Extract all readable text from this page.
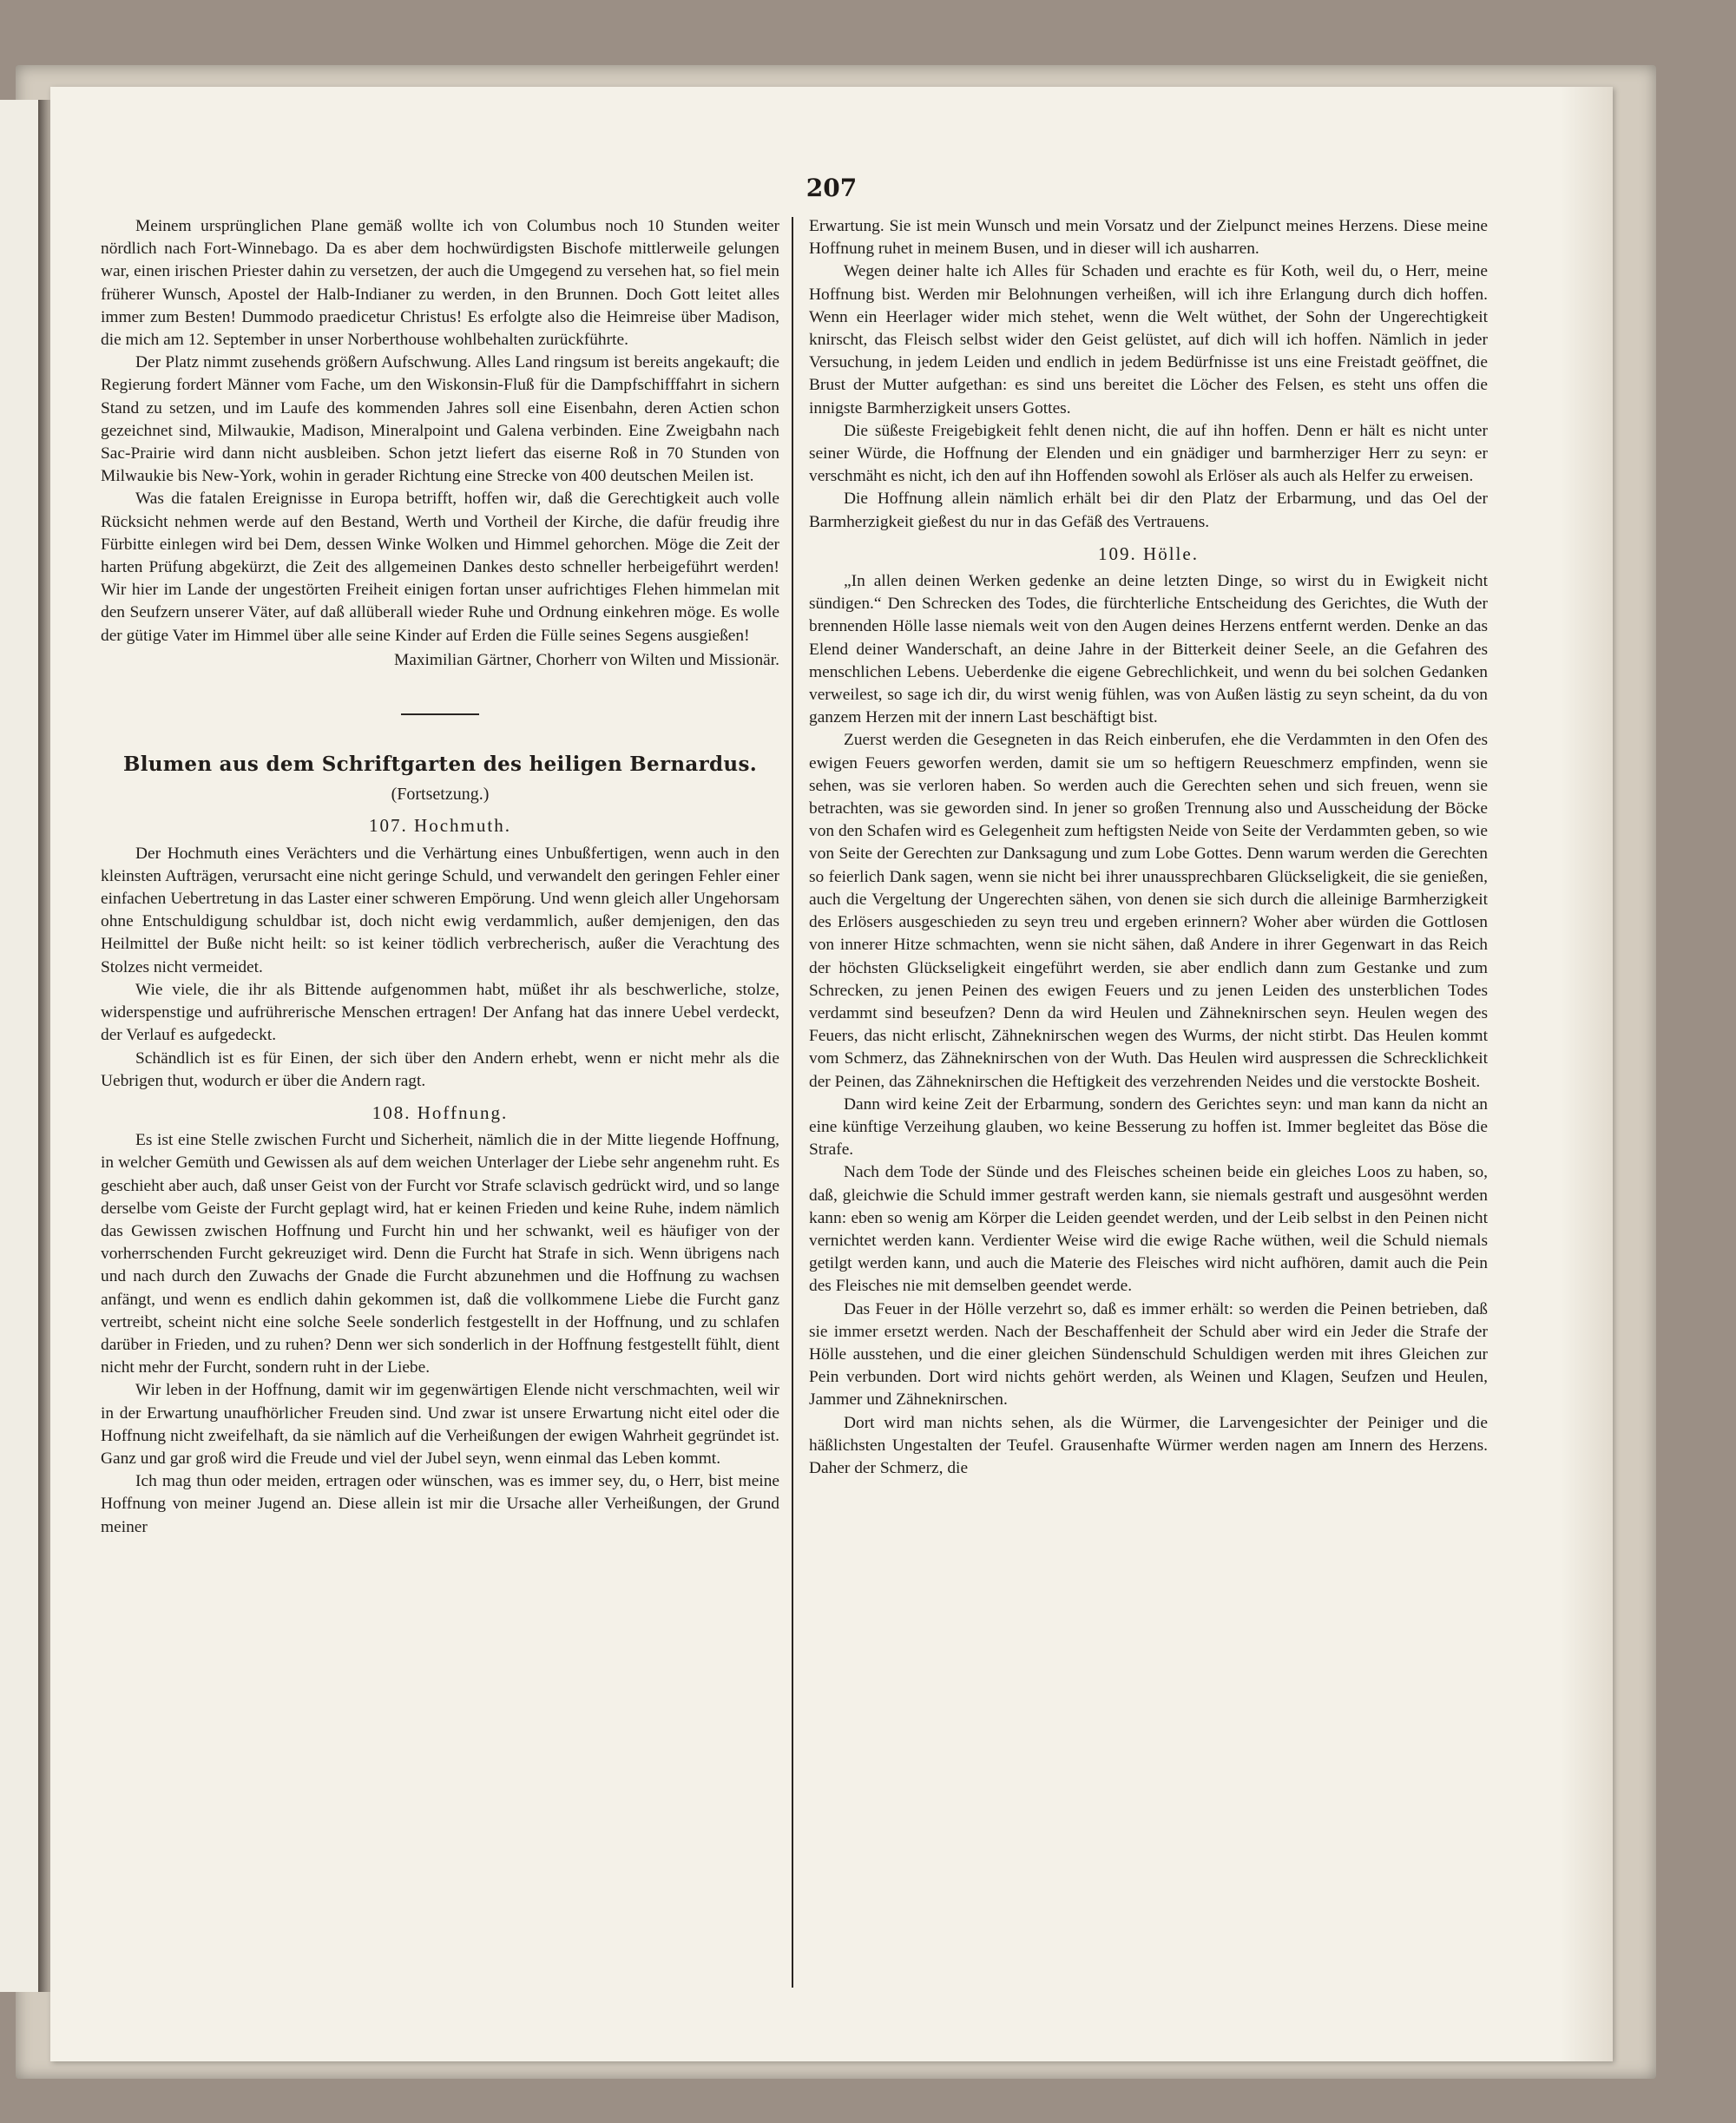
207

Meinem ursprünglichen Plane gemäß wollte ich von Columbus noch 10 Stunden weiter nördlich nach Fort-Winnebago. Da es aber dem hochwürdigsten Bischofe mittlerweile gelungen war, einen irischen Priester dahin zu versetzen, der auch die Umgegend zu versehen hat, so fiel mein früherer Wunsch, Apostel der Halb-Indianer zu werden, in den Brunnen. Doch Gott leitet alles immer zum Besten! Dummodo praedicetur Christus! Es erfolgte also die Heimreise über Madison, die mich am 12. September in unser Norberthouse wohlbehalten zurückführte.

Der Platz nimmt zusehends größern Aufschwung. Alles Land ringsum ist bereits angekauft; die Regierung fordert Männer vom Fache, um den Wiskonsin-Fluß für die Dampfschifffahrt in sichern Stand zu setzen, und im Laufe des kommenden Jahres soll eine Eisenbahn, deren Actien schon gezeichnet sind, Milwaukie, Madison, Mineralpoint und Galena verbinden. Eine Zweigbahn nach Sac-Prairie wird dann nicht ausbleiben. Schon jetzt liefert das eiserne Roß in 70 Stunden von Milwaukie bis New-York, wohin in gerader Richtung eine Strecke von 400 deutschen Meilen ist.

Was die fatalen Ereignisse in Europa betrifft, hoffen wir, daß die Gerechtigkeit auch volle Rücksicht nehmen werde auf den Bestand, Werth und Vortheil der Kirche, die dafür freudig ihre Fürbitte einlegen wird bei Dem, dessen Winke Wolken und Himmel gehorchen. Möge die Zeit der harten Prüfung abgekürzt, die Zeit des allgemeinen Dankes desto schneller herbeigeführt werden! Wir hier im Lande der ungestörten Freiheit einigen fortan unser aufrichtiges Flehen himmelan mit den Seufzern unserer Väter, auf daß allüberall wieder Ruhe und Ordnung einkehren möge. Es wolle der gütige Vater im Himmel über alle seine Kinder auf Erden die Fülle seines Segens ausgießen!

Maximilian Gärtner, Chorherr von Wilten und Missionär.
Blumen aus dem Schriftgarten des heiligen Bernardus.
(Fortsetzung.)
107. Hochmuth.

Der Hochmuth eines Verächters und die Verhärtung eines Unbußfertigen, wenn auch in den kleinsten Aufträgen, verursacht eine nicht geringe Schuld, und verwandelt den geringen Fehler einer einfachen Uebertretung in das Laster einer schweren Empörung. Und wenn gleich aller Ungehorsam ohne Entschuldigung schuldbar ist, doch nicht ewig verdammlich, außer demjenigen, den das Heilmittel der Buße nicht heilt: so ist keiner tödlich verbrecherisch, außer die Verachtung des Stolzes nicht vermeidet.

Wie viele, die ihr als Bittende aufgenommen habt, müßet ihr als beschwerliche, stolze, widerspenstige und aufrührerische Menschen ertragen! Der Anfang hat das innere Uebel verdeckt, der Verlauf es aufgedeckt.

Schändlich ist es für Einen, der sich über den Andern erhebt, wenn er nicht mehr als die Uebrigen thut, wodurch er über die Andern ragt.

108. Hoffnung.

Es ist eine Stelle zwischen Furcht und Sicherheit, nämlich die in der Mitte liegende Hoffnung, in welcher Gemüth und Gewissen als auf dem weichen Unterlager der Liebe sehr angenehm ruht. Es geschieht aber auch, daß unser Geist von der Furcht vor Strafe sclavisch gedrückt wird, und so lange derselbe vom Geiste der Furcht geplagt wird, hat er keinen Frieden und keine Ruhe, indem nämlich das Gewissen zwischen Hoffnung und Furcht hin und her schwankt, weil es häufiger von der vorherrschenden Furcht gekreuziget wird. Denn die Furcht hat Strafe in sich. Wenn übrigens nach und nach durch den Zuwachs der Gnade die Furcht abzunehmen und die Hoffnung zu wachsen anfängt, und wenn es endlich dahin gekommen ist, daß die vollkommene Liebe die Furcht ganz vertreibt, scheint nicht eine solche Seele sonderlich festgestellt in der Hoffnung, und zu schlafen darüber in Frieden, und zu ruhen? Denn wer sich sonderlich in der Hoffnung festgestellt fühlt, dient nicht mehr der Furcht, sondern ruht in der Liebe.

Wir leben in der Hoffnung, damit wir im gegenwärtigen Elende nicht verschmachten, weil wir in der Erwartung unaufhörlicher Freuden sind. Und zwar ist unsere Erwartung nicht eitel oder die Hoffnung nicht zweifelhaft, da sie nämlich auf die Verheißungen der ewigen Wahrheit gegründet ist. Ganz und gar groß wird die Freude und viel der Jubel seyn, wenn einmal das Leben kommt.

Ich mag thun oder meiden, ertragen oder wünschen, was es immer sey, du, o Herr, bist meine Hoffnung von meiner Jugend an. Diese allein ist mir die Ursache aller Verheißungen, der Grund meiner

Erwartung. Sie ist mein Wunsch und mein Vorsatz und der Zielpunct meines Herzens. Diese meine Hoffnung ruhet in meinem Busen, und in dieser will ich ausharren.

Wegen deiner halte ich Alles für Schaden und erachte es für Koth, weil du, o Herr, meine Hoffnung bist. Werden mir Belohnungen verheißen, will ich ihre Erlangung durch dich hoffen. Wenn ein Heerlager wider mich stehet, wenn die Welt wüthet, der Sohn der Ungerechtigkeit knirscht, das Fleisch selbst wider den Geist gelüstet, auf dich will ich hoffen. Nämlich in jeder Versuchung, in jedem Leiden und endlich in jedem Bedürfnisse ist uns eine Freistadt geöffnet, die Brust der Mutter aufgethan: es sind uns bereitet die Löcher des Felsen, es steht uns offen die innigste Barmherzigkeit unsers Gottes.

Die süßeste Freigebigkeit fehlt denen nicht, die auf ihn hoffen. Denn er hält es nicht unter seiner Würde, die Hoffnung der Elenden und ein gnädiger und barmherziger Herr zu seyn: er verschmäht es nicht, ich den auf ihn Hoffenden sowohl als Erlöser als auch als Helfer zu erweisen.

Die Hoffnung allein nämlich erhält bei dir den Platz der Erbarmung, und das Oel der Barmherzigkeit gießest du nur in das Gefäß des Vertrauens.

109. Hölle.

„In allen deinen Werken gedenke an deine letzten Dinge, so wirst du in Ewigkeit nicht sündigen.“ Den Schrecken des Todes, die fürchterliche Entscheidung des Gerichtes, die Wuth der brennenden Hölle lasse niemals weit von den Augen deines Herzens entfernt werden. Denke an das Elend deiner Wanderschaft, an deine Jahre in der Bitterkeit deiner Seele, an die Gefahren des menschlichen Lebens. Ueberdenke die eigene Gebrechlichkeit, und wenn du bei solchen Gedanken verweilest, so sage ich dir, du wirst wenig fühlen, was von Außen lästig zu seyn scheint, da du von ganzem Herzen mit der innern Last beschäftigt bist.

Zuerst werden die Gesegneten in das Reich einberufen, ehe die Verdammten in den Ofen des ewigen Feuers geworfen werden, damit sie um so heftigern Reueschmerz empfinden, wenn sie sehen, was sie verloren haben. So werden auch die Gerechten sehen und sich freuen, wenn sie betrachten, was sie geworden sind. In jener so großen Trennung also und Ausscheidung der Böcke von den Schafen wird es Gelegenheit zum heftigsten Neide von Seite der Verdammten geben, so wie von Seite der Gerechten zur Danksagung und zum Lobe Gottes. Denn warum werden die Gerechten so feierlich Dank sagen, wenn sie nicht bei ihrer unaussprechbaren Glückseligkeit, die sie genießen, auch die Vergeltung der Ungerechten sähen, von denen sie sich durch die alleinige Barmherzigkeit des Erlösers ausgeschieden zu seyn treu und ergeben erinnern? Woher aber würden die Gottlosen von innerer Hitze schmachten, wenn sie nicht sähen, daß Andere in ihrer Gegenwart in das Reich der höchsten Glückseligkeit eingeführt werden, sie aber endlich dann zum Gestanke und zum Schrecken, zu jenen Peinen des ewigen Feuers und zu jenen Leiden des unsterblichen Todes verdammt sind beseufzen? Denn da wird Heulen und Zähneknirschen seyn. Heulen wegen des Feuers, das nicht erlischt, Zähneknirschen wegen des Wurms, der nicht stirbt. Das Heulen kommt vom Schmerz, das Zähneknirschen von der Wuth. Das Heulen wird auspressen die Schrecklichkeit der Peinen, das Zähneknirschen die Heftigkeit des verzehrenden Neides und die verstockte Bosheit.

Dann wird keine Zeit der Erbarmung, sondern des Gerichtes seyn: und man kann da nicht an eine künftige Verzeihung glauben, wo keine Besserung zu hoffen ist. Immer begleitet das Böse die Strafe.

Nach dem Tode der Sünde und des Fleisches scheinen beide ein gleiches Loos zu haben, so, daß, gleichwie die Schuld immer gestraft werden kann, sie niemals gestraft und ausgesöhnt werden kann: eben so wenig am Körper die Leiden geendet werden, und der Leib selbst in den Peinen nicht vernichtet werden kann. Verdienter Weise wird die ewige Rache wüthen, weil die Schuld niemals getilgt werden kann, und auch die Materie des Fleisches wird nicht aufhören, damit auch die Pein des Fleisches nie mit demselben geendet werde.

Das Feuer in der Hölle verzehrt so, daß es immer erhält: so werden die Peinen betrieben, daß sie immer ersetzt werden. Nach der Beschaffenheit der Schuld aber wird ein Jeder die Strafe der Hölle ausstehen, und die einer gleichen Sündenschuld Schuldigen werden mit ihres Gleichen zur Pein verbunden. Dort wird nichts gehört werden, als Weinen und Klagen, Seufzen und Heulen, Jammer und Zähneknirschen.

Dort wird man nichts sehen, als die Würmer, die Larvengesichter der Peiniger und die häßlichsten Ungestalten der Teufel. Grausenhafte Würmer werden nagen am Innern des Herzens. Daher der Schmerz, die
